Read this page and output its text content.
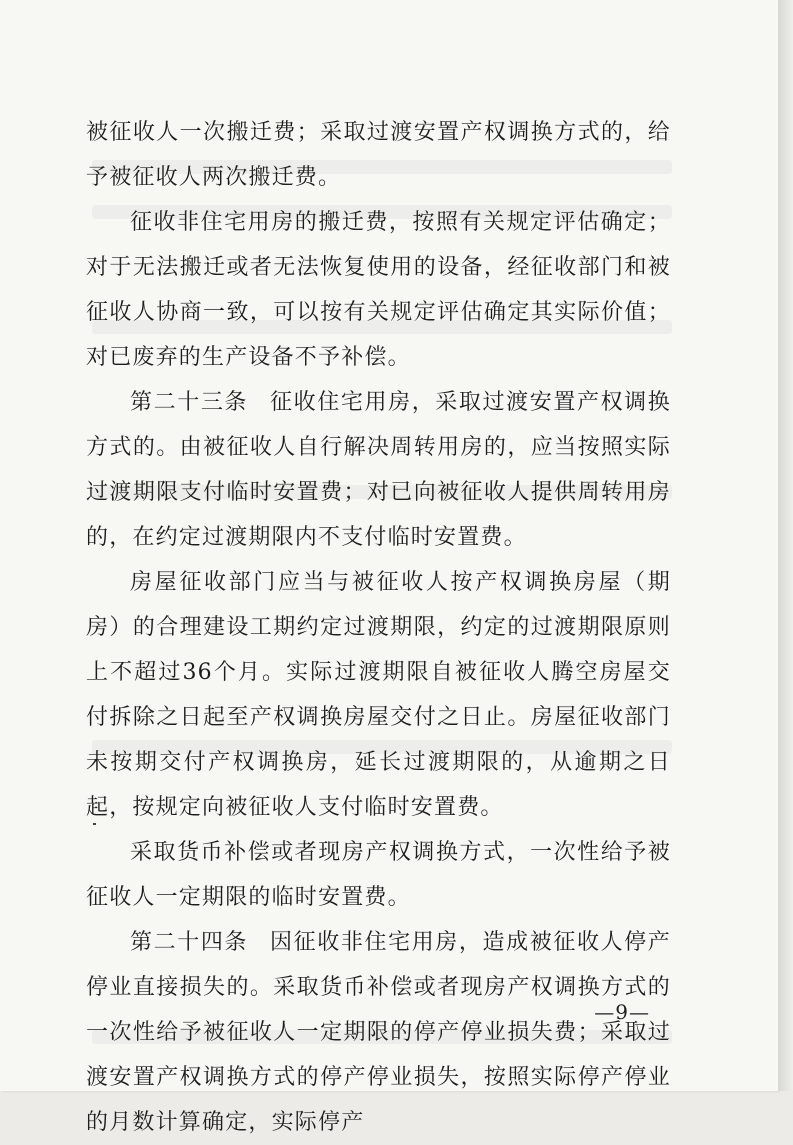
被征收人一次搬迁费；采取过渡安置产权调换方式的，给予被征收人两次搬迁费。

征收非住宅用房的搬迁费，按照有关规定评估确定；对于无法搬迁或者无法恢复使用的设备，经征收部门和被征收人协商一致，可以按有关规定评估确定其实际价值；对已废弃的生产设备不予补偿。

第二十三条 征收住宅用房，采取过渡安置产权调换方式的。由被征收人自行解决周转用房的，应当按照实际过渡期限支付临时安置费；对已向被征收人提供周转用房的，在约定过渡期限内不支付临时安置费。

房屋征收部门应当与被征收人按产权调换房屋（期房）的合理建设工期约定过渡期限，约定的过渡期限原则上不超过36个月。实际过渡期限自被征收人腾空房屋交付拆除之日起至产权调换房屋交付之日止。房屋征收部门未按期交付产权调换房，延长过渡期限的，从逾期之日起，按规定向被征收人支付临时安置费。

采取货币补偿或者现房产权调换方式，一次性给予被征收人一定期限的临时安置费。

第二十四条 因征收非住宅用房，造成被征收人停产停业直接损失的。采取货币补偿或者现房产权调换方式的一次性给予被征收人一定期限的停产停业损失费；采取过渡安置产权调换方式的停产停业损失，按照实际停产停业的月数计算确定，实际停产

— 9 —
